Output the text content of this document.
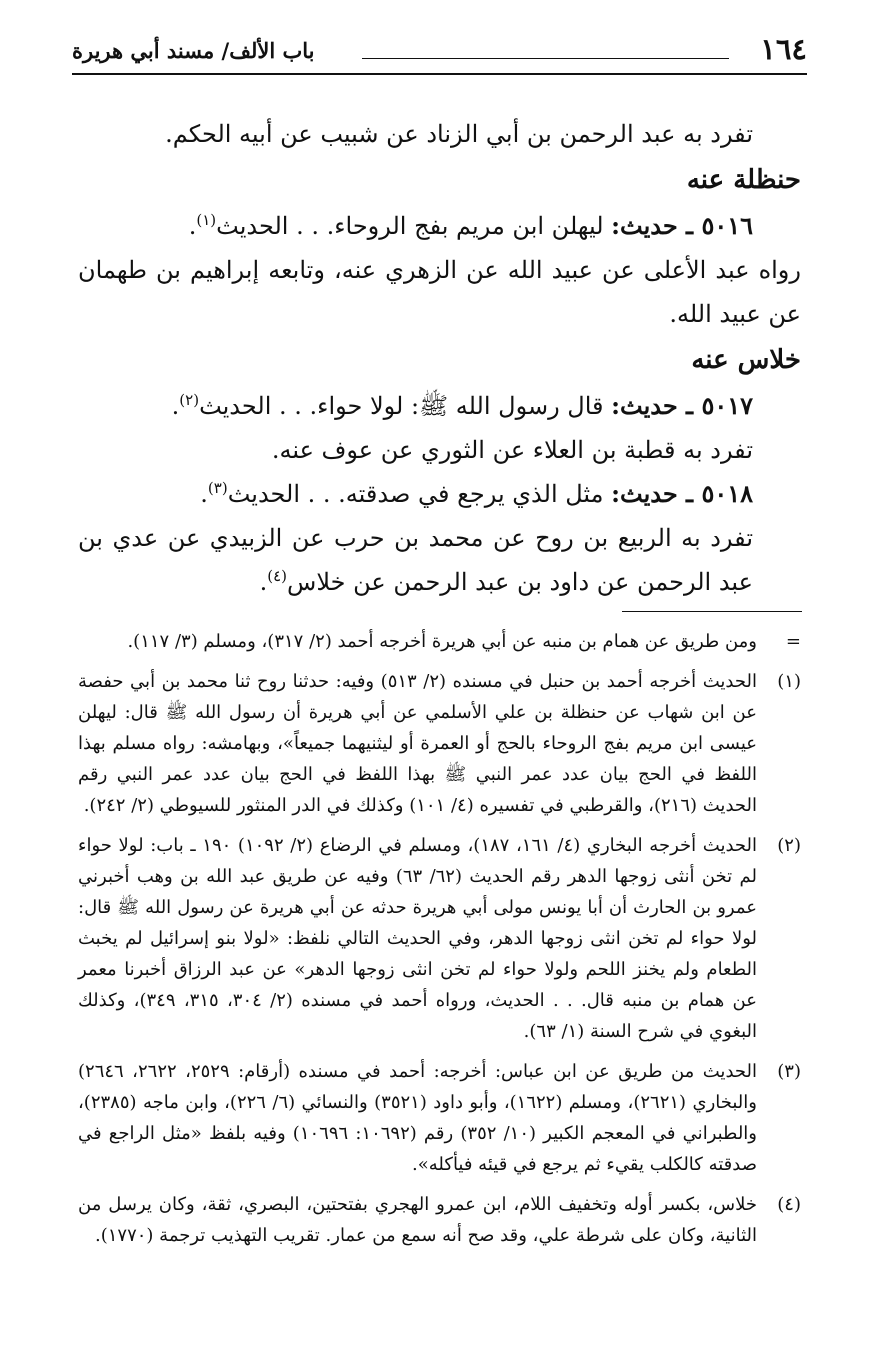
١٦٤
باب الألف/ مسند أبي هريرة

تفرد به عبد الرحمن بن أبي الزناد عن شبيب عن أبيه الحكم.

حنظلة عنه

٥٠١٦ ـ حديث: ليهلن ابن مريم بفج الروحاء. . . الحديث$^{(١)}$.

رواه عبد الأعلى عن عبيد الله عن الزهري عنه، وتابعه إبراهيم بن طهمان عن عبيد الله.

خلاس عنه

٥٠١٧ ـ حديث: قال رسول الله ﷺ: لولا حواء. . . الحديث$^{(٢)}$.

تفرد به قطبة بن العلاء عن الثوري عن عوف عنه.

٥٠١٨ ـ حديث: مثل الذي يرجع في صدقته. . . الحديث$^{(٣)}$.

تفرد به الربيع بن روح عن محمد بن حرب عن الزبيدي عن عدي بن عبد الرحمن عن داود بن عبد الرحمن عن خلاس$^{(٤)}$.

=
ومن طريق عن همام بن منبه عن أبي هريرة أخرجه أحمد (٢/ ٣١٧)، ومسلم (٣/ ١١٧).
(١)
الحديث أخرجه أحمد بن حنبل في مسنده (٢/ ٥١٣) وفيه: حدثنا روح ثنا محمد بن أبي حفصة عن ابن شهاب عن حنظلة بن علي الأسلمي عن أبي هريرة أن رسول الله ﷺ قال: ليهلن عيسى ابن مريم بفج الروحاء بالحج أو العمرة أو ليثنيهما جميعاً»، وبهامشه: رواه مسلم بهذا اللفظ في الحج بيان عدد عمر النبي ﷺ بهذا اللفظ في الحج بيان عدد عمر النبي رقم الحديث (٢١٦)، والقرطبي في تفسيره (٤/ ١٠١) وكذلك في الدر المنثور للسيوطي (٢/ ٢٤٢).
(٢)
الحديث أخرجه البخاري (٤/ ١٦١، ١٨٧)، ومسلم في الرضاع (٢/ ١٠٩٢) ١٩٠ ـ باب: لولا حواء لم تخن أنثى زوجها الدهر رقم الحديث (٦٢/ ٦٣) وفيه عن طريق عبد الله بن وهب أخبرني عمرو بن الحارث أن أبا يونس مولى أبي هريرة حدثه عن أبي هريرة عن رسول الله ﷺ قال: لولا حواء لم تخن انثى زوجها الدهر، وفي الحديث التالي نلفظ: «لولا بنو إسرائيل لم يخبث الطعام ولم يخنز اللحم ولولا حواء لم تخن انثى زوجها الدهر» عن عبد الرزاق أخبرنا معمر عن همام بن منبه قال. . . الحديث، ورواه أحمد في مسنده (٢/ ٣٠٤، ٣١٥، ٣٤٩)، وكذلك البغوي في شرح السنة (١/ ٦٣).
(٣)
الحديث من طريق عن ابن عباس: أخرجه: أحمد في مسنده (أرقام: ٢٥٢٩، ٢٦٢٢، ٢٦٤٦) والبخاري (٢٦٢١)، ومسلم (١٦٢٢)، وأبو داود (٣٥٢١) والنسائي (٦/ ٢٢٦)، وابن ماجه (٢٣٨٥)، والطبراني في المعجم الكبير (١٠/ ٣٥٢) رقم (١٠٦٩٢: ١٠٦٩٦) وفيه بلفظ «مثل الراجع في صدقته كالكلب يقيء ثم يرجع في قيئه فيأكله».
(٤)
خلاس، بكسر أوله وتخفيف اللام، ابن عمرو الهجري بفتحتين، البصري، ثقة، وكان يرسل من الثانية، وكان على شرطة علي، وقد صح أنه سمع من عمار. تقريب التهذيب ترجمة (١٧٧٠).
